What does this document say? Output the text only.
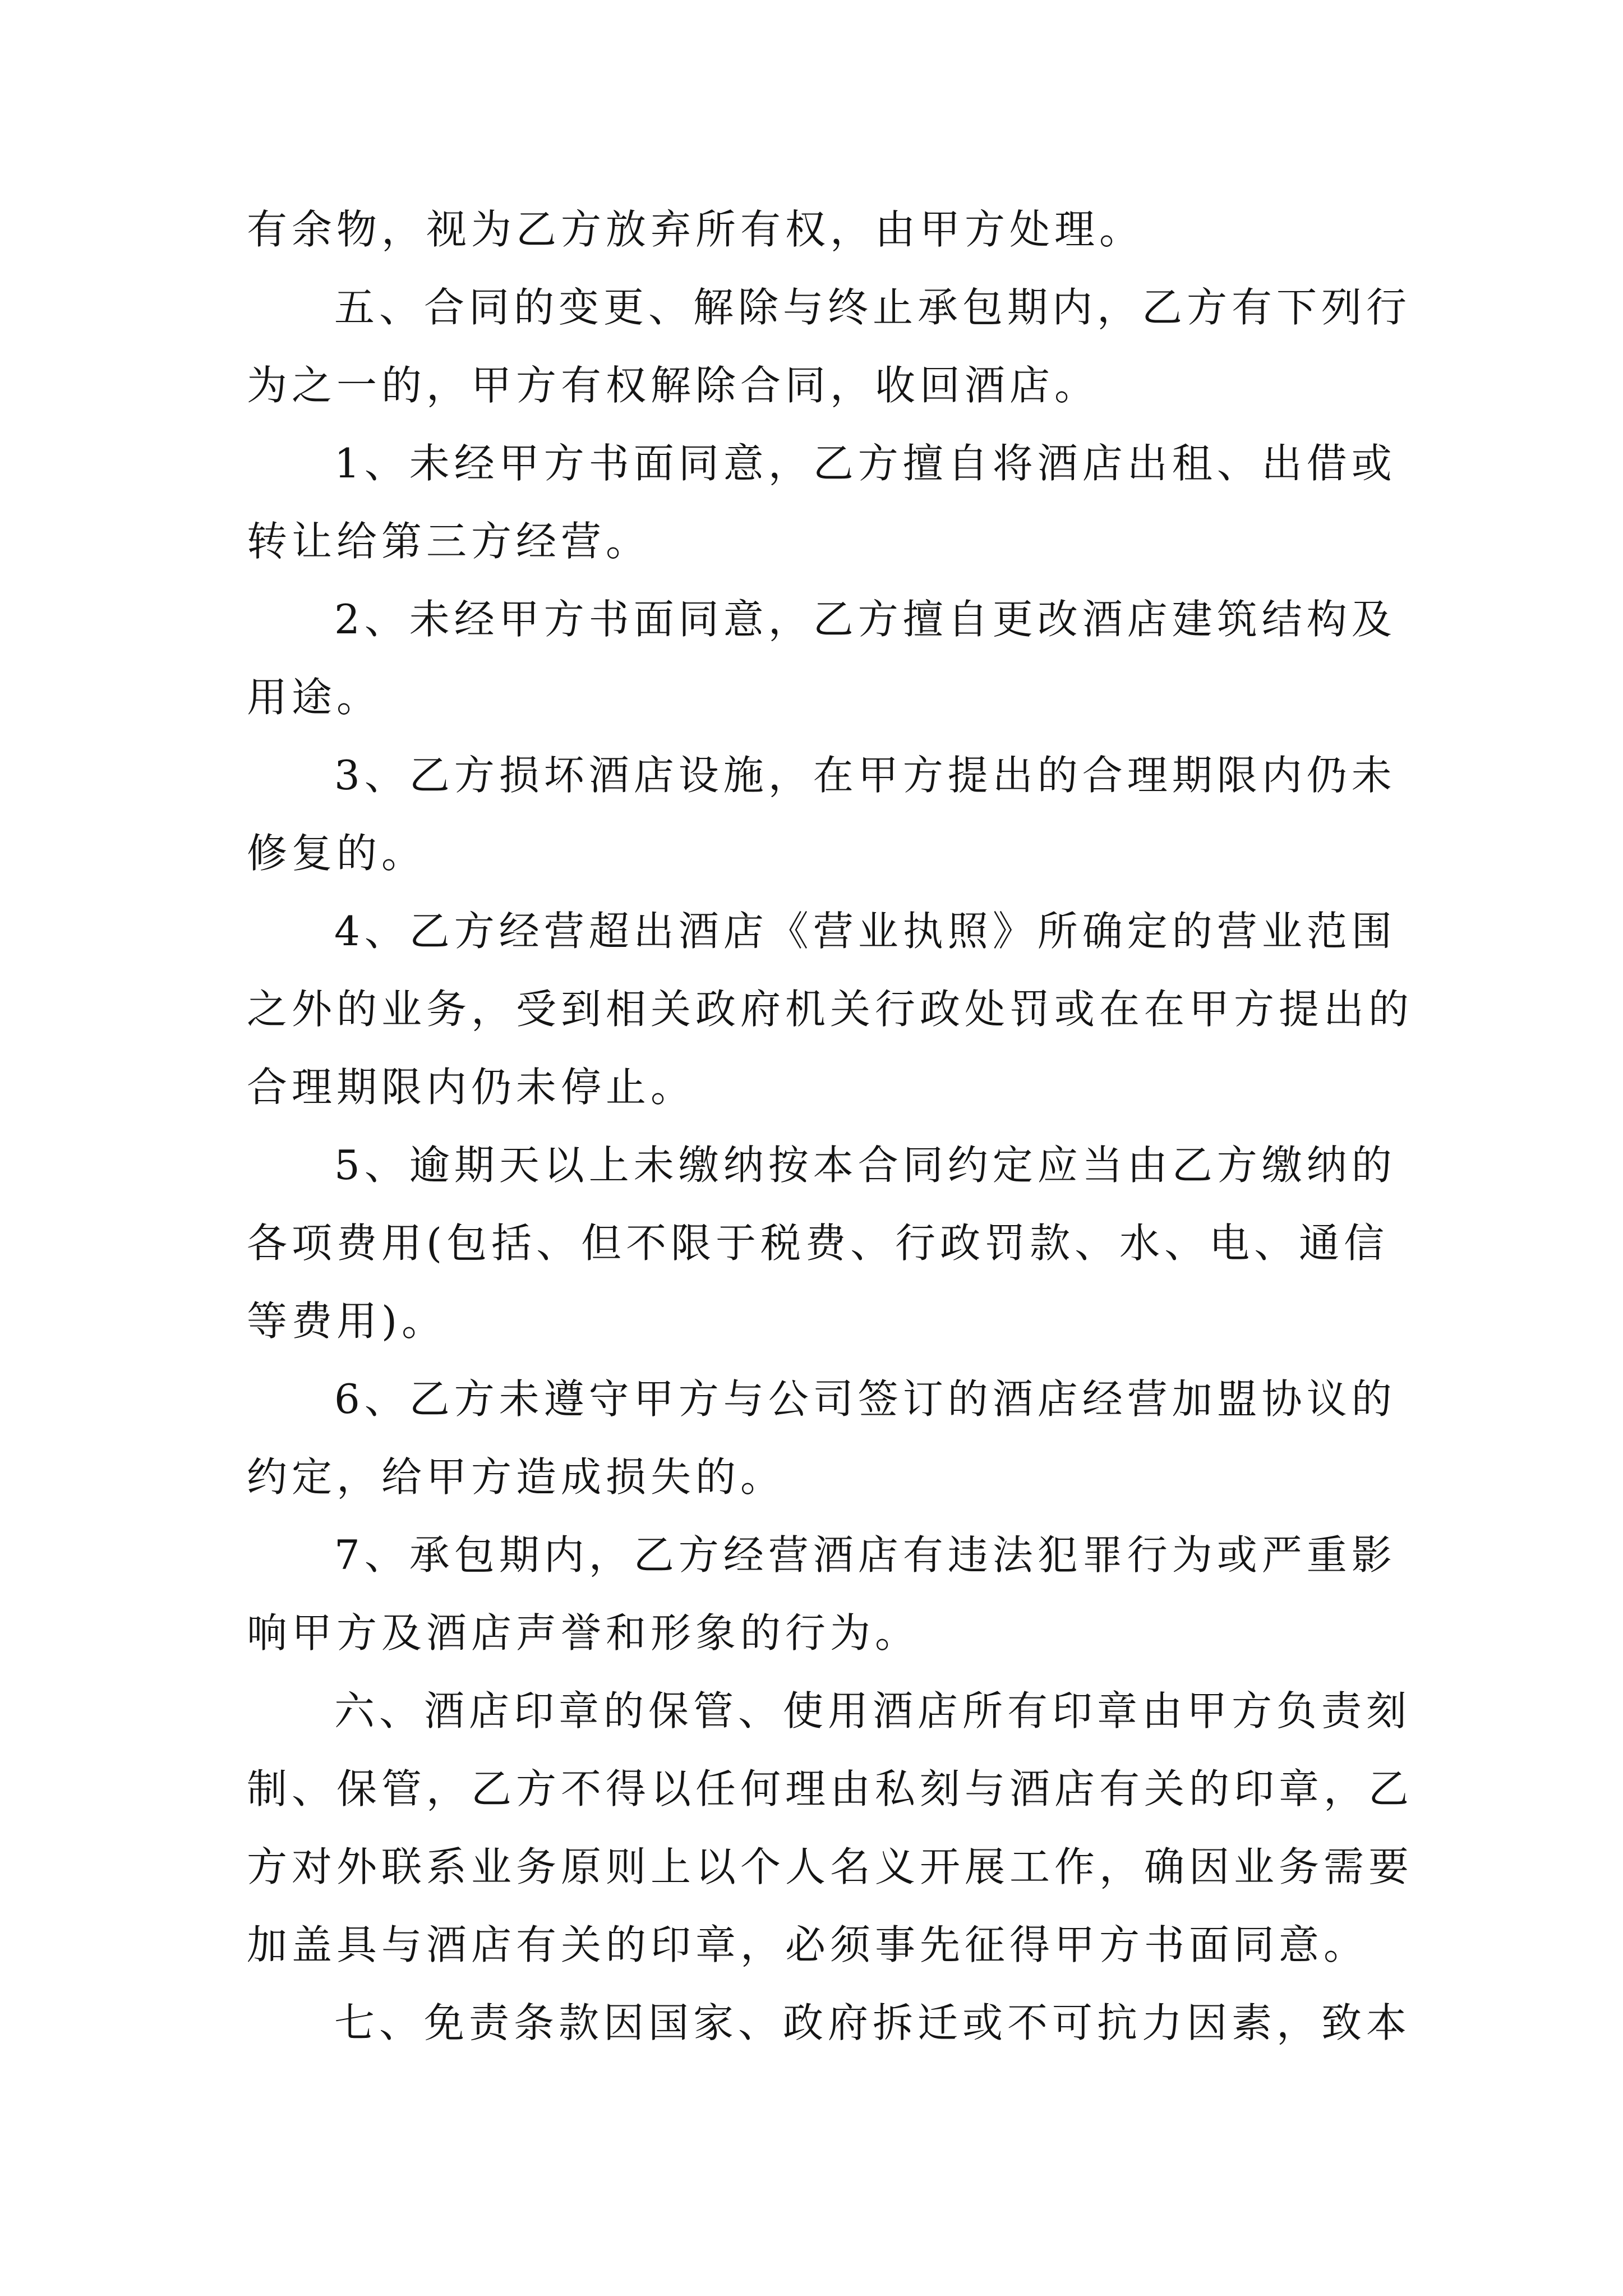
有余物，视为乙方放弃所有权，由甲方处理。

五、合同的变更、解除与终止承包期内，乙方有下列行
为之一的，甲方有权解除合同，收回酒店。

1、未经甲方书面同意，乙方擅自将酒店出租、出借或
转让给第三方经营。

2、未经甲方书面同意，乙方擅自更改酒店建筑结构及
用途。

3、乙方损坏酒店设施，在甲方提出的合理期限内仍未
修复的。

4、乙方经营超出酒店《营业执照》所确定的营业范围
之外的业务，受到相关政府机关行政处罚或在在甲方提出的
合理期限内仍未停止。

5、逾期天以上未缴纳按本合同约定应当由乙方缴纳的
各项费用(包括、但不限于税费、行政罚款、水、电、通信
等费用)。

6、乙方未遵守甲方与公司签订的酒店经营加盟协议的
约定，给甲方造成损失的。

7、承包期内，乙方经营酒店有违法犯罪行为或严重影
响甲方及酒店声誉和形象的行为。

六、酒店印章的保管、使用酒店所有印章由甲方负责刻
制、保管，乙方不得以任何理由私刻与酒店有关的印章，乙
方对外联系业务原则上以个人名义开展工作，确因业务需要
加盖具与酒店有关的印章，必须事先征得甲方书面同意。

七、免责条款因国家、政府拆迁或不可抗力因素，致本
